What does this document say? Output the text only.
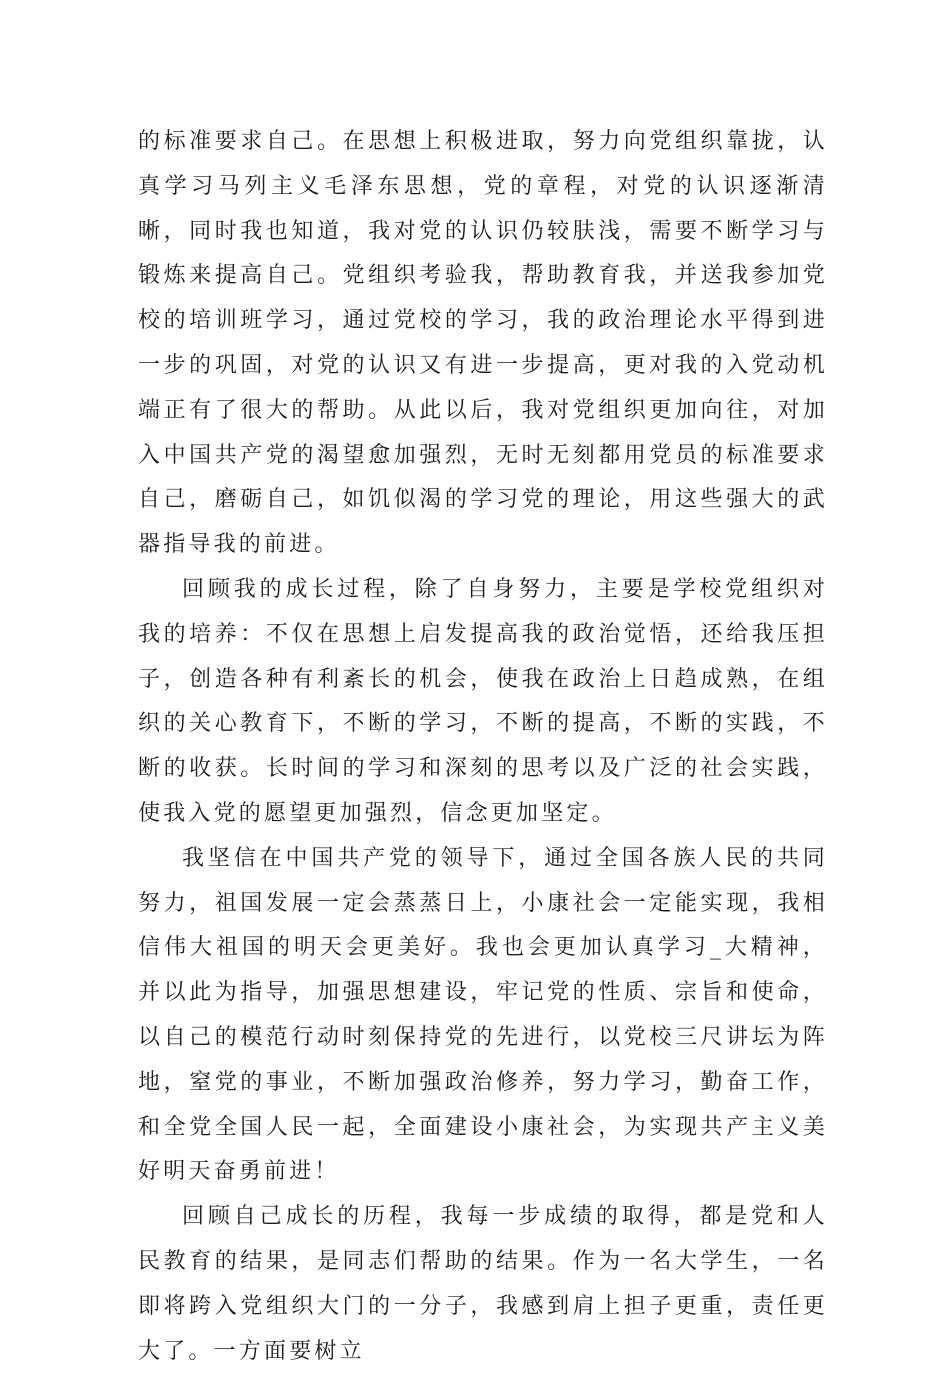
的标准要求自己。在思想上积极进取，努力向党组织靠拢，认真学习马列主义毛泽东思想，党的章程，对党的认识逐渐清晰，同时我也知道，我对党的认识仍较肤浅，需要不断学习与锻炼来提高自己。党组织考验我，帮助教育我，并送我参加党校的培训班学习，通过党校的学习，我的政治理论水平得到进一步的巩固，对党的认识又有进一步提高，更对我的入党动机端正有了很大的帮助。从此以后，我对党组织更加向往，对加入中国共产党的渴望愈加强烈，无时无刻都用党员的标准要求自己，磨砺自己，如饥似渴的学习党的理论，用这些强大的武器指导我的前进。

回顾我的成长过程，除了自身努力，主要是学校党组织对我的培养：不仅在思想上启发提高我的政治觉悟，还给我压担子，创造各种有利紊长的机会，使我在政治上日趋成熟，在组织的关心教育下，不断的学习，不断的提高，不断的实践，不断的收获。长时间的学习和深刻的思考以及广泛的社会实践，使我入党的愿望更加强烈，信念更加坚定。

我坚信在中国共产党的领导下，通过全国各族人民的共同努力，祖国发展一定会蒸蒸日上，小康社会一定能实现，我相信伟大祖国的明天会更美好。我也会更加认真学习_大精神，并以此为指导，加强思想建设，牢记党的性质、宗旨和使命，以自己的模范行动时刻保持党的先进行，以党校三尺讲坛为阵地，窒党的事业，不断加强政治修养，努力学习，勤奋工作，和全党全国人民一起，全面建设小康社会，为实现共产主义美好明天奋勇前进！

回顾自己成长的历程，我每一步成绩的取得，都是党和人民教育的结果，是同志们帮助的结果。作为一名大学生，一名即将跨入党组织大门的一分子，我感到肩上担子更重，责任更大了。一方面要树立
